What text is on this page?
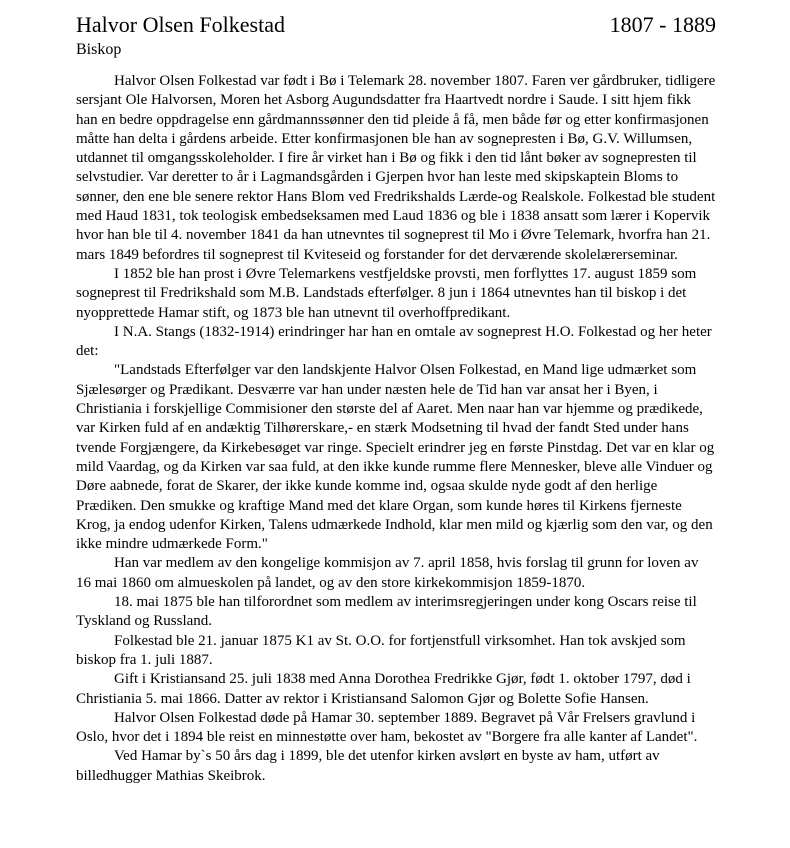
Halvor Olsen Folkestad	1807 - 1889
Biskop

Halvor Olsen Folkestad var født i Bø i Telemark 28. november 1807. Faren ver gårdbruker, tidligere sersjant Ole Halvorsen, Moren het Asborg Augundsdatter fra Haartvedt nordre i Saude. I sitt hjem fikk han en bedre oppdragelse enn gårdmannssønner den tid pleide å få, men både før og etter konfirmasjonen måtte han delta i gårdens arbeide. Etter konfirmasjonen ble han av sognepresten i Bø, G.V. Willumsen, utdannet til omgangsskoleholder. I fire år virket han i Bø og fikk i den tid lånt bøker av sognepresten til selvstudier. Var deretter to år i Lagmandsgården i Gjerpen hvor han leste med skipskaptein Bloms to sønner, den ene ble senere rektor Hans Blom ved Fredrikshalds Lærde-og Realskole. Folkestad ble student med Haud 1831, tok teologisk embedseksamen med Laud 1836 og ble i 1838 ansatt som lærer i Kopervik hvor han ble til 4. november 1841 da han utnevntes til sogneprest til Mo i Øvre Telemark, hvorfra han 21. mars 1849 befordres til sogneprest til Kviteseid og forstander for det derværende skolelærerseminar.

I 1852 ble han prost i Øvre Telemarkens vestfjeldske provsti, men forflyttes 17. august 1859 som sogneprest til Fredrikshald som M.B. Landstads efterfølger. 8 jun i 1864 utnevntes han til biskop i det nyopprettede Hamar stift, og 1873 ble han utnevnt til overhoffpredikant.

I N.A. Stangs (1832-1914) erindringer har han en omtale av sogneprest H.O. Folkestad og her heter det:

"Landstads Efterfølger var den landskjente Halvor Olsen Folkestad, en Mand lige udmærket som Sjælesørger og Prædikant. Desværre var han under næsten hele de Tid han var ansat her i Byen, i Christiania i forskjellige Commisioner den største del af Aaret. Men naar han var hjemme og prædikede, var Kirken fuld af en andæktig Tilhørerskare,- en stærk Modsetning til hvad der fandt Sted under hans tvende Forgjængere, da Kirkebesøget var ringe. Specielt erindrer jeg en første Pinstdag. Det var en klar og mild Vaardag, og da Kirken var saa fuld, at den ikke kunde rumme flere Mennesker, bleve alle Vinduer og Døre aabnede, forat de Skarer, der ikke kunde komme ind, ogsaa skulde nyde godt af den herlige Prædiken. Den smukke og kraftige Mand med det klare Organ, som kunde høres til Kirkens fjerneste Krog, ja endog udenfor Kirken, Talens udmærkede Indhold, klar men mild og kjærlig som den var, og den ikke mindre udmærkede Form."

Han var medlem av den kongelige kommisjon av 7. april 1858, hvis forslag til grunn for loven av 16 mai 1860 om almueskolen på landet, og av den store kirkekommisjon 1859-1870.

18. mai 1875 ble han tilforordnet som medlem av interimsregjeringen under kong Oscars reise til Tyskland og Russland.

Folkestad ble 21. januar 1875 K1 av St. O.O. for fortjenstfull virksomhet. Han tok avskjed som biskop fra 1. juli 1887.

Gift i Kristiansand 25. juli 1838 med Anna Dorothea Fredrikke Gjør, født 1. oktober 1797, død i Christiania 5. mai 1866. Datter av rektor i Kristiansand Salomon Gjør og Bolette Sofie Hansen.

Halvor Olsen Folkestad døde på Hamar 30. september 1889. Begravet på Vår Frelsers gravlund i Oslo, hvor det i 1894 ble reist en minnestøtte over ham, bekostet av "Borgere fra alle kanter af Landet".

Ved Hamar by`s 50 års dag i 1899, ble det utenfor kirken avslørt en byste av ham, utført av billedhugger Mathias Skeibrok.
